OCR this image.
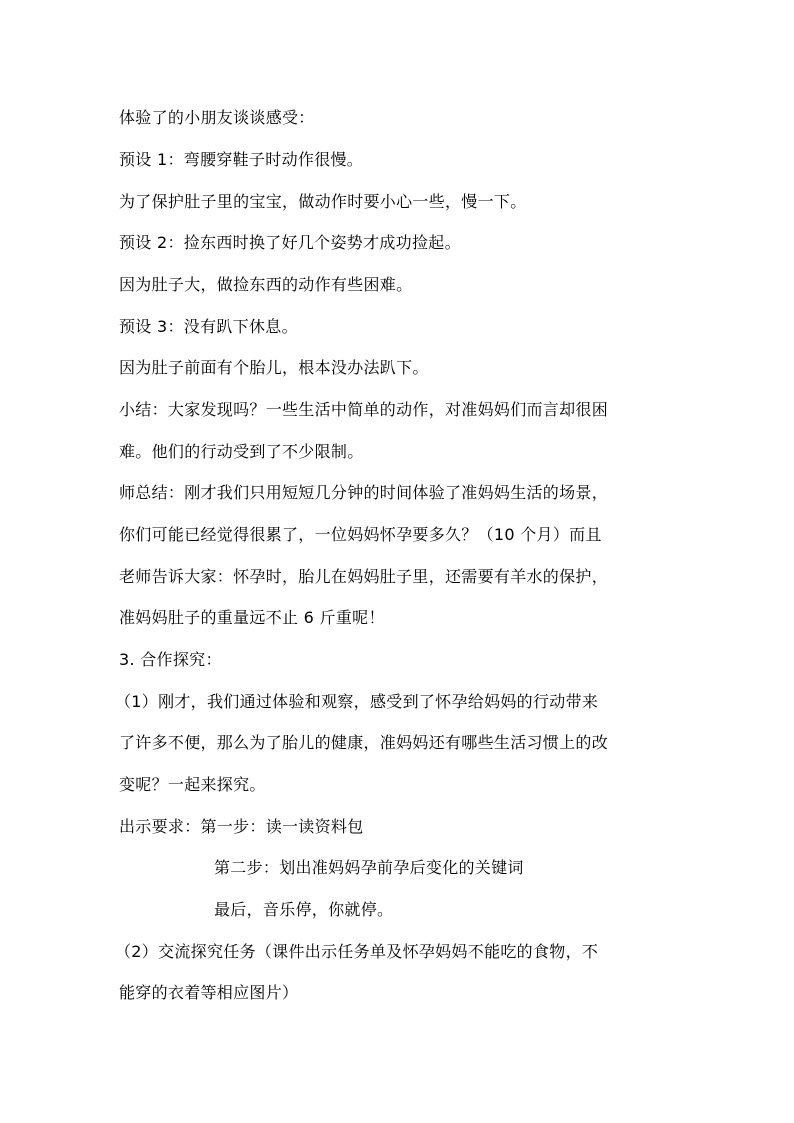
体验了的小朋友谈谈感受：
预设 1：弯腰穿鞋子时动作很慢。
为了保护肚子里的宝宝，做动作时要小心一些，慢一下。
预设 2：捡东西时换了好几个姿势才成功捡起。
因为肚子大，做捡东西的动作有些困难。
预设 3：没有趴下休息。
因为肚子前面有个胎儿，根本没办法趴下。
小结：大家发现吗？一些生活中简单的动作，对准妈妈们而言却很困
难。他们的行动受到了不少限制。
师总结：刚才我们只用短短几分钟的时间体验了准妈妈生活的场景，
你们可能已经觉得很累了，一位妈妈怀孕要多久？（10 个月）而且
老师告诉大家：怀孕时，胎儿在妈妈肚子里，还需要有羊水的保护，
准妈妈肚子的重量远不止 6 斤重呢！
3. 合作探究：
（1）刚才，我们通过体验和观察，感受到了怀孕给妈妈的行动带来
了许多不便，那么为了胎儿的健康，准妈妈还有哪些生活习惯上的改
变呢？一起来探究。
出示要求：第一步：读一读资料包
第二步：划出准妈妈孕前孕后变化的关键词
最后，音乐停，你就停。
（2）交流探究任务（课件出示任务单及怀孕妈妈不能吃的食物，不
能穿的衣着等相应图片）
